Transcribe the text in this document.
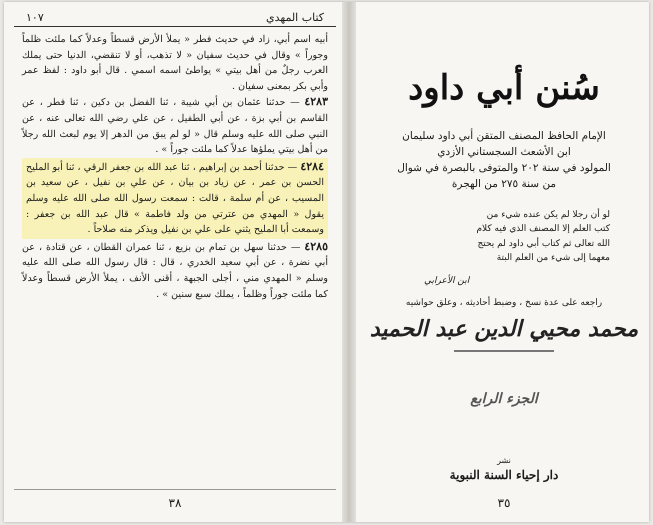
كتاب المهدي
١٠٧

أبيه اسم أبي، زاد في حديث فطر « يملأ الأرض قسطاً وعدلاً كما ملئت ظلماً وجوراً » وقال في حديث سفيان « لا تذهب، أو لا تنقضي، الدنيا حتى يملك العرب رجلٌ من أهل بيتي » يواطئ اسمه اسمي . قال أبو داود : لفظ عمر وأبي بكر بمعنى سفيان .

٤٢٨٣ — حدثنا عثمان بن أبي شيبة ، ثنا الفضل بن دكين ، ثنا فطر ، عن القاسم بن أبي بزة ، عن أبي الطفيل ، عن علي رضي الله تعالى عنه ، عن النبي صلى الله عليه وسلم قال « لو لم يبق من الدهر إلا يوم لبعث الله رجلاً من أهل بيتي يملؤها عدلاً كما ملئت جوراً » .

٤٢٨٤ — حدثنا أحمد بن إبراهيم ، ثنا عبد الله بن جعفر الرقي ، ثنا أبو المليح الحسن بن عمر ، عن زياد بن بيان ، عن علي بن نفيل ، عن سعيد بن المسيب ، عن أم سلمة ، قالت : سمعت رسول الله صلى الله عليه وسلم يقول « المهدي من عترتي من ولد فاطمة » قال عبد الله بن جعفر : وسمعت أبا المليح يثني على علي بن نفيل ويذكر منه صلاحاً .

٤٢٨٥ — حدثنا سهل بن تمام بن بزيع ، ثنا عمران القطان ، عن قتادة ، عن أبي نضرة ، عن أبي سعيد الخدري ، قال : قال رسول الله صلى الله عليه وسلم « المهدي مني ، أجلى الجبهة ، أقنى الأنف ، يملأ الأرض قسطاً وعدلاً كما ملئت جوراً وظلماً ، يملك سبع سنين » .

٣٨
سُنن أبي داود

الإمام الحافظ المصنف المتقن أبي داود سليمان

ابن الأشعث السجستاني الأزدي

المولود في سنة ٢٠٢ والمتوفى بالبصرة في شوال

من سنة ٢٧٥ من الهجرة

لو أن رجلا لم يكن عنده شيء من

كتب العلم إلا المصنف الذي فيه كلام

الله تعالى ثم كتاب أبي داود لم يحتج

معهما إلى شيء من العلم البتة

ابن الأعرابي
راجعه على عدة نسخ ، وضبط أحاديثه ، وعلق حواشيه
محمد محيي الدين عبد الحميد
الجزء الرابع
نشر
دار إحياء السنة النبوية
٣٥
